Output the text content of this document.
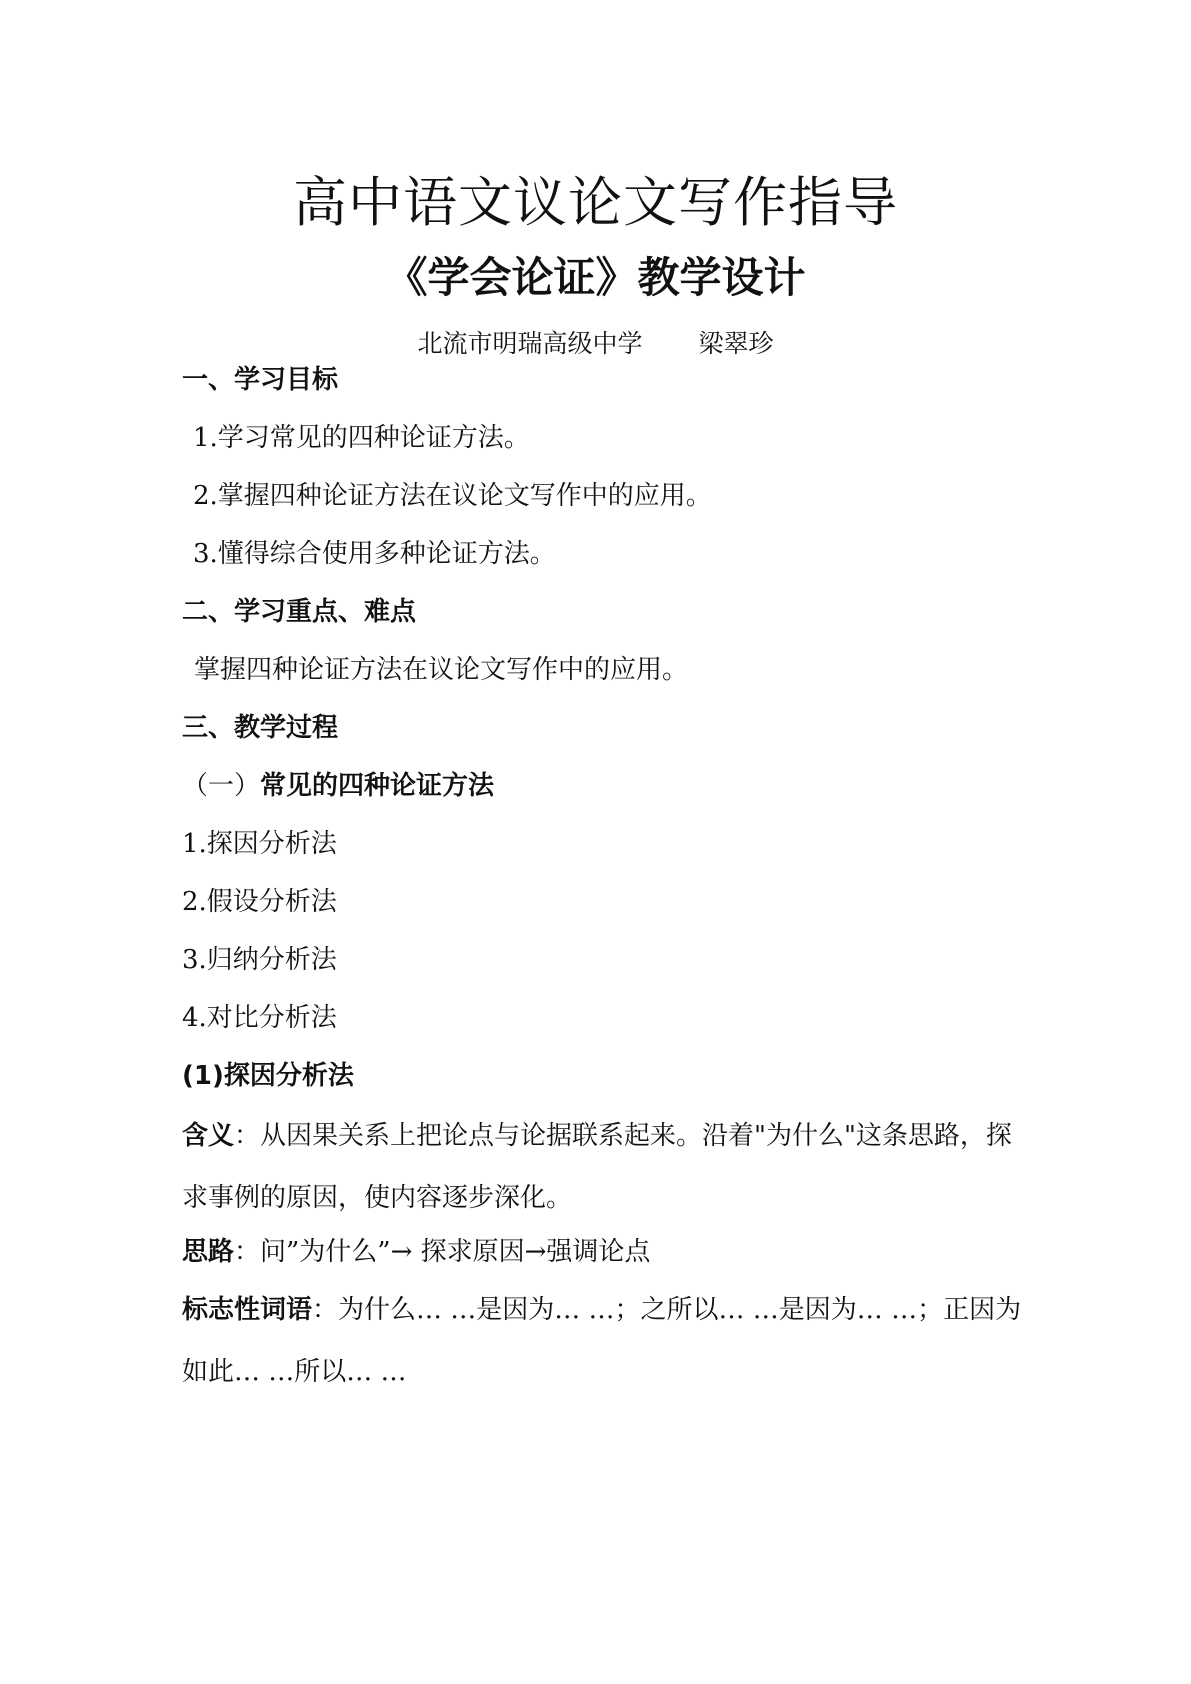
高中语文议论文写作指导
《学会论证》教学设计
北流市明瑞高级中学 梁翠珍
一、学习目标
1.学习常见的四种论证方法。
2.掌握四种论证方法在议论文写作中的应用。
3.懂得综合使用多种论证方法。
二、学习重点、难点
掌握四种论证方法在议论文写作中的应用。
三、教学过程
（一）常见的四种论证方法
1.探因分析法
2.假设分析法
3.归纳分析法
4.对比分析法
(1)探因分析法
含义：从因果关系上把论点与论据联系起来。沿着"为什么"这条思路，探求事例的原因，使内容逐步深化。
思路：问”为什么”→ 探求原因→强调论点
标志性词语：为什么… …是因为… …；之所以… …是因为… …；正因为如此… …所以… …
